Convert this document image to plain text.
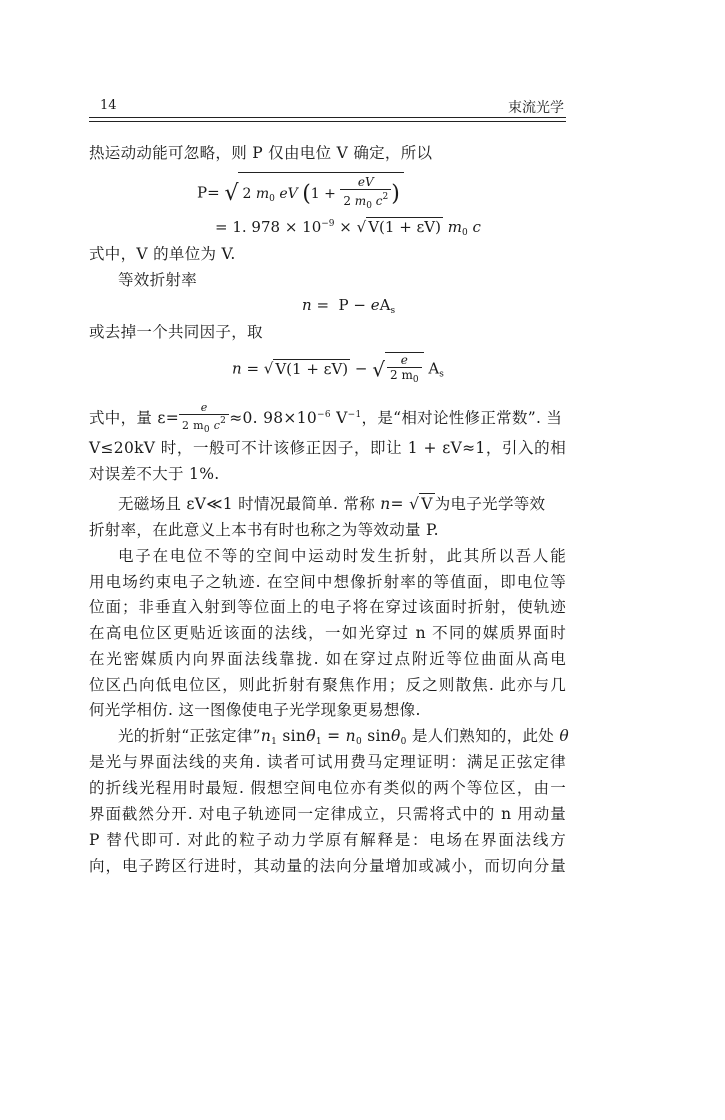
14	束流光学
热运动动能可忽略，则 P 仅由电位 V 确定，所以
P= √ 2 $m_0$ eV ($1 + \frac{eV}{2 m_0 c^2}$ )
= 1. $978 \times 10^{-9}$ × √ V(1 + εV) $m_0$ c
式中，V 的单位为 V.
等效折射率
$n = P - eA_s$
或去掉一个共同因子，取
n = √ V(1 + εV) − √ $\frac{e}{2 m_0} A_s$
式中，量 $\varepsilon= \frac{e}{2 m_0 c^2} \approx 0$. $98\times 10^{-6}$ $V^{-1}$，是“相对论性修正常数”. 当
V≤20kV 时，一般可不计该修正因子，即让 1 + εV≈1，引入的相
对误差不大于 1%.
无磁场且 εV≪1 时情况最简单. 常称 n= √ V 为电子光学等效
折射率，在此意义上本书有时也称之为等效动量 P.
电子在电位不等的空间中运动时发生折射，此其所以吾人能
用电场约束电子之轨迹. 在空间中想像折射率的等值面，即电位等
位面；非垂直入射到等位面上的电子将在穿过该面时折射，使轨迹
在高电位区更贴近该面的法线，一如光穿过 n 不同的媒质界面时
在光密媒质内向界面法线靠拢. 如在穿过点附近等位曲面从高电
位区凸向低电位区，则此折射有聚焦作用；反之则散焦. 此亦与几
何光学相仿. 这一图像使电子光学现象更易想像.
光的折射“正弦定律$”n_1$ $\sin\theta_1 = n_0$ sinθ$_0$ 是人们熟知的，此处 θ
是光与界面法线的夹角. 读者可试用费马定理证明：满足正弦定律
的折线光程用时最短. 假想空间电位亦有类似的两个等位区，由一
界面截然分开. 对电子轨迹同一定律成立，只需将式中的 n 用动量
P 替代即可. 对此的粒子动力学原有解释是：电场在界面法线方
向，电子跨区行进时，其动量的法向分量增加或减小，而切向分量
